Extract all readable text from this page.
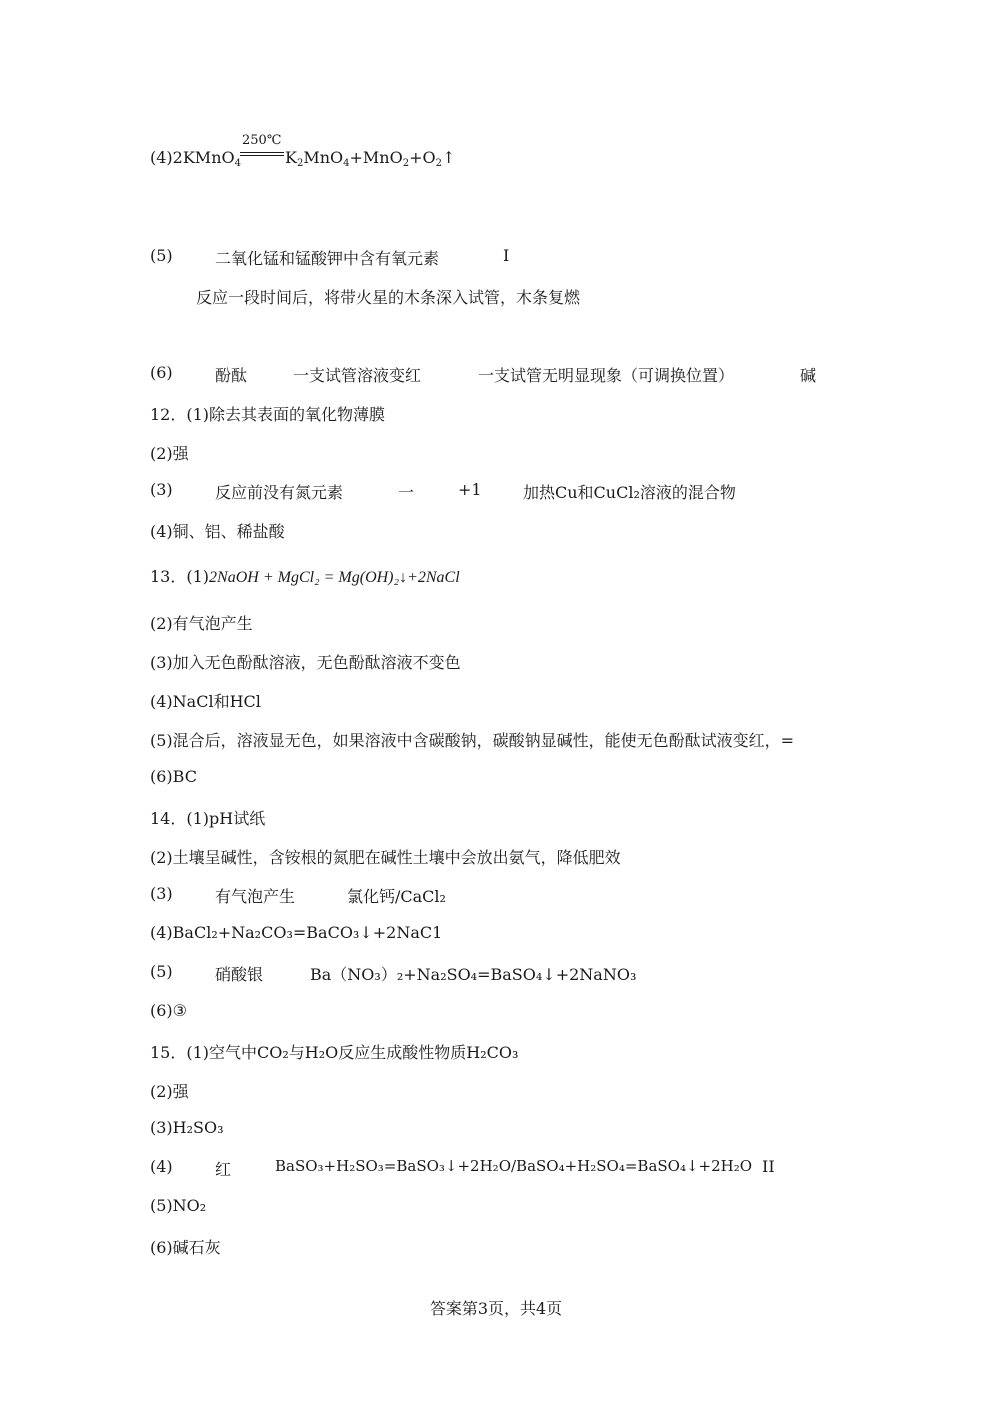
(4)2KMnO$_4$
250℃
$K_2MnO_4+MnO_2+O_2↑$
(5)	二氧化锰和锰酸钾中含有氧元素	I
反应一段时间后，将带火星的木条深入试管，木条复燃
(6)	酚酞	一支试管溶液变红	一支试管无明显现象（可调换位置）	碱
12．(1)除去其表面的氧化物薄膜
(2)强
(3)	反应前没有氮元素	一	+1	加热Cu和CuCl₂溶液的混合物
(4)铜、铝、稀盐酸
13．(1)2NaOH + MgCl₂ = Mg(OH)₂↓+2NaCl
(2)有气泡产生
(3)加入无色酚酞溶液，无色酚酞溶液不变色
(4)NaCl和HCl
(5)混合后，溶液显无色，如果溶液中含碳酸钠，碳酸钠显碱性，能使无色酚酞试液变红，=
(6)BC
14．(1)pH试纸
(2)土壤呈碱性，含铵根的氮肥在碱性土壤中会放出氨气，降低肥效
(3)	有气泡产生	氯化钙/CaCl₂
(4)BaCl₂+Na₂CO₃=BaCO₃↓+2NaC1
(5)	硝酸银	Ba（NO₃）₂+Na₂SO₄=BaSO₄↓+2NaNO₃
(6)③
15．(1)空气中CO₂与H₂O反应生成酸性物质H₂CO₃
(2)强
(3)H₂SO₃
(4)	红	BaSO₃+H₂SO₃=BaSO₃↓+2H₂O/BaSO₄+H₂SO₄=BaSO₄↓+2H₂O II
(5)NO₂
(6)碱石灰
答案第3页，共4页
